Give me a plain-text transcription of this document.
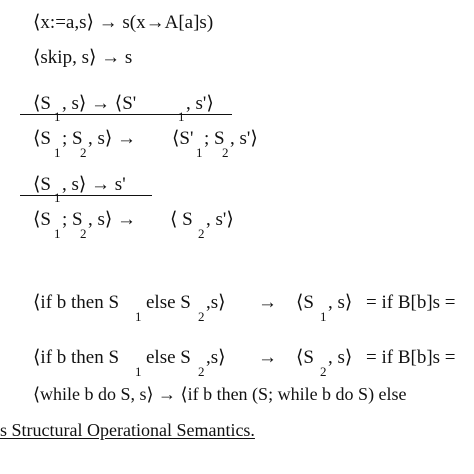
⟨x:=a,s⟩ → s(x→A[a]s)
⟨skip, s⟩ → s
⟨S
1
, s⟩ → ⟨S'
1
, s'⟩
⟨S
1
; S
2
, s⟩ → ⟨S'
1
; S
2
, s'⟩
⟨S
1
, s⟩ → s'
⟨S
1
; S
2
, s⟩ → ⟨ S
2
, s'⟩
⟨if b then S
1
else S
2
,s⟩ → ⟨S
1
, s⟩ = if B[b]s =
⟨if b then S
1
else S
2
,s⟩ → ⟨S
2
, s⟩ = if B[b]s =
⟨while b do S, s⟩ → ⟨if b then (S; while b do S) else
s Structural Operational Semantics.
